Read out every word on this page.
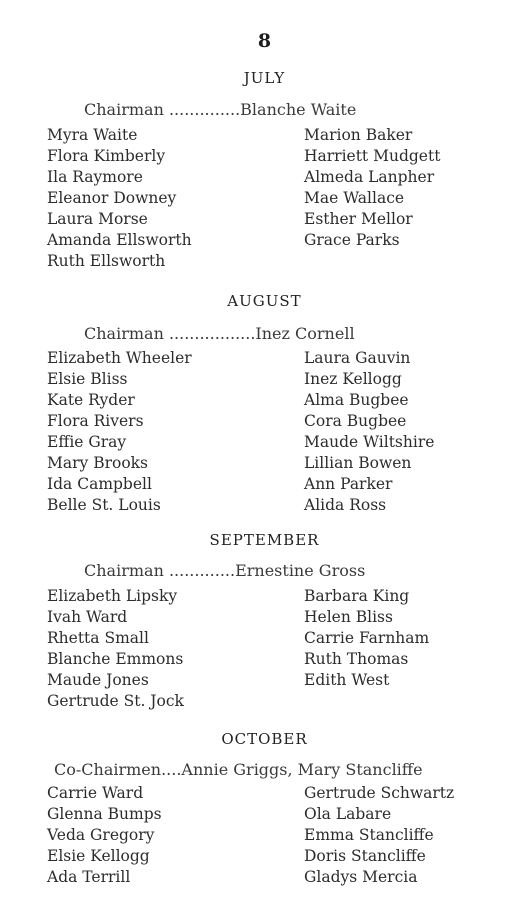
8
JULY
Chairman ..............Blanche Waite
Myra Waite
Flora Kimberly
Ila Raymore
Eleanor Downey
Laura Morse
Amanda Ellsworth
Ruth Ellsworth
Marion Baker
Harriett Mudgett
Almeda Lanpher
Mae Wallace
Esther Mellor
Grace Parks
AUGUST
Chairman .................Inez Cornell
Elizabeth Wheeler
Elsie Bliss
Kate Ryder
Flora Rivers
Effie Gray
Mary Brooks
Ida Campbell
Belle St. Louis
Laura Gauvin
Inez Kellogg
Alma Bugbee
Cora Bugbee
Maude Wiltshire
Lillian Bowen
Ann Parker
Alida Ross
SEPTEMBER
Chairman .............Ernestine Gross
Elizabeth Lipsky
Ivah Ward
Rhetta Small
Blanche Emmons
Maude Jones
Gertrude St. Jock
Barbara King
Helen Bliss
Carrie Farnham
Ruth Thomas
Edith West
OCTOBER
Co-Chairmen....Annie Griggs, Mary Stancliffe
Carrie Ward
Glenna Bumps
Veda Gregory
Elsie Kellogg
Ada Terrill
Gertrude Schwartz
Ola Labare
Emma Stancliffe
Doris Stancliffe
Gladys Mercia
